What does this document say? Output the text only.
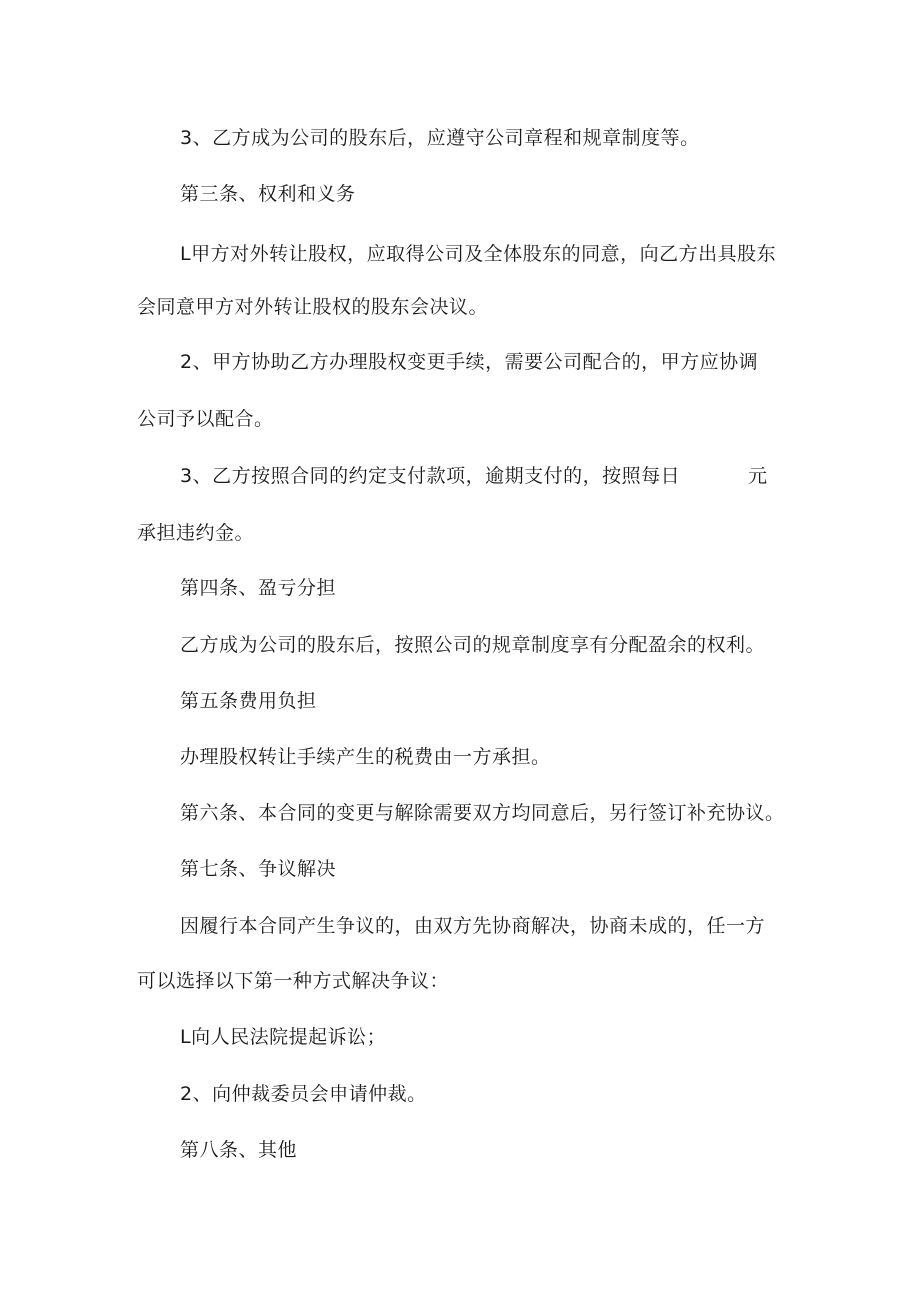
3、乙方成为公司的股东后，应遵守公司章程和规章制度等。
第三条、权利和义务
L甲方对外转让股权，应取得公司及全体股东的同意，向乙方出具股东
会同意甲方对外转让股权的股东会决议。
2、甲方协助乙方办理股权变更手续，需要公司配合的，甲方应协调
公司予以配合。
3、乙方按照合同的约定支付款项，逾期支付的，按照每日	元
承担违约金。
第四条、盈亏分担
乙方成为公司的股东后，按照公司的规章制度享有分配盈余的权利。
第五条费用负担
办理股权转让手续产生的税费由一方承担。
第六条、本合同的变更与解除需要双方均同意后，另行签订补充协议。
第七条、争议解决
因履行本合同产生争议的，由双方先协商解决，协商未成的，任一方
可以选择以下第一种方式解决争议：
L向人民法院提起诉讼；
2、向仲裁委员会申请仲裁。
第八条、其他
